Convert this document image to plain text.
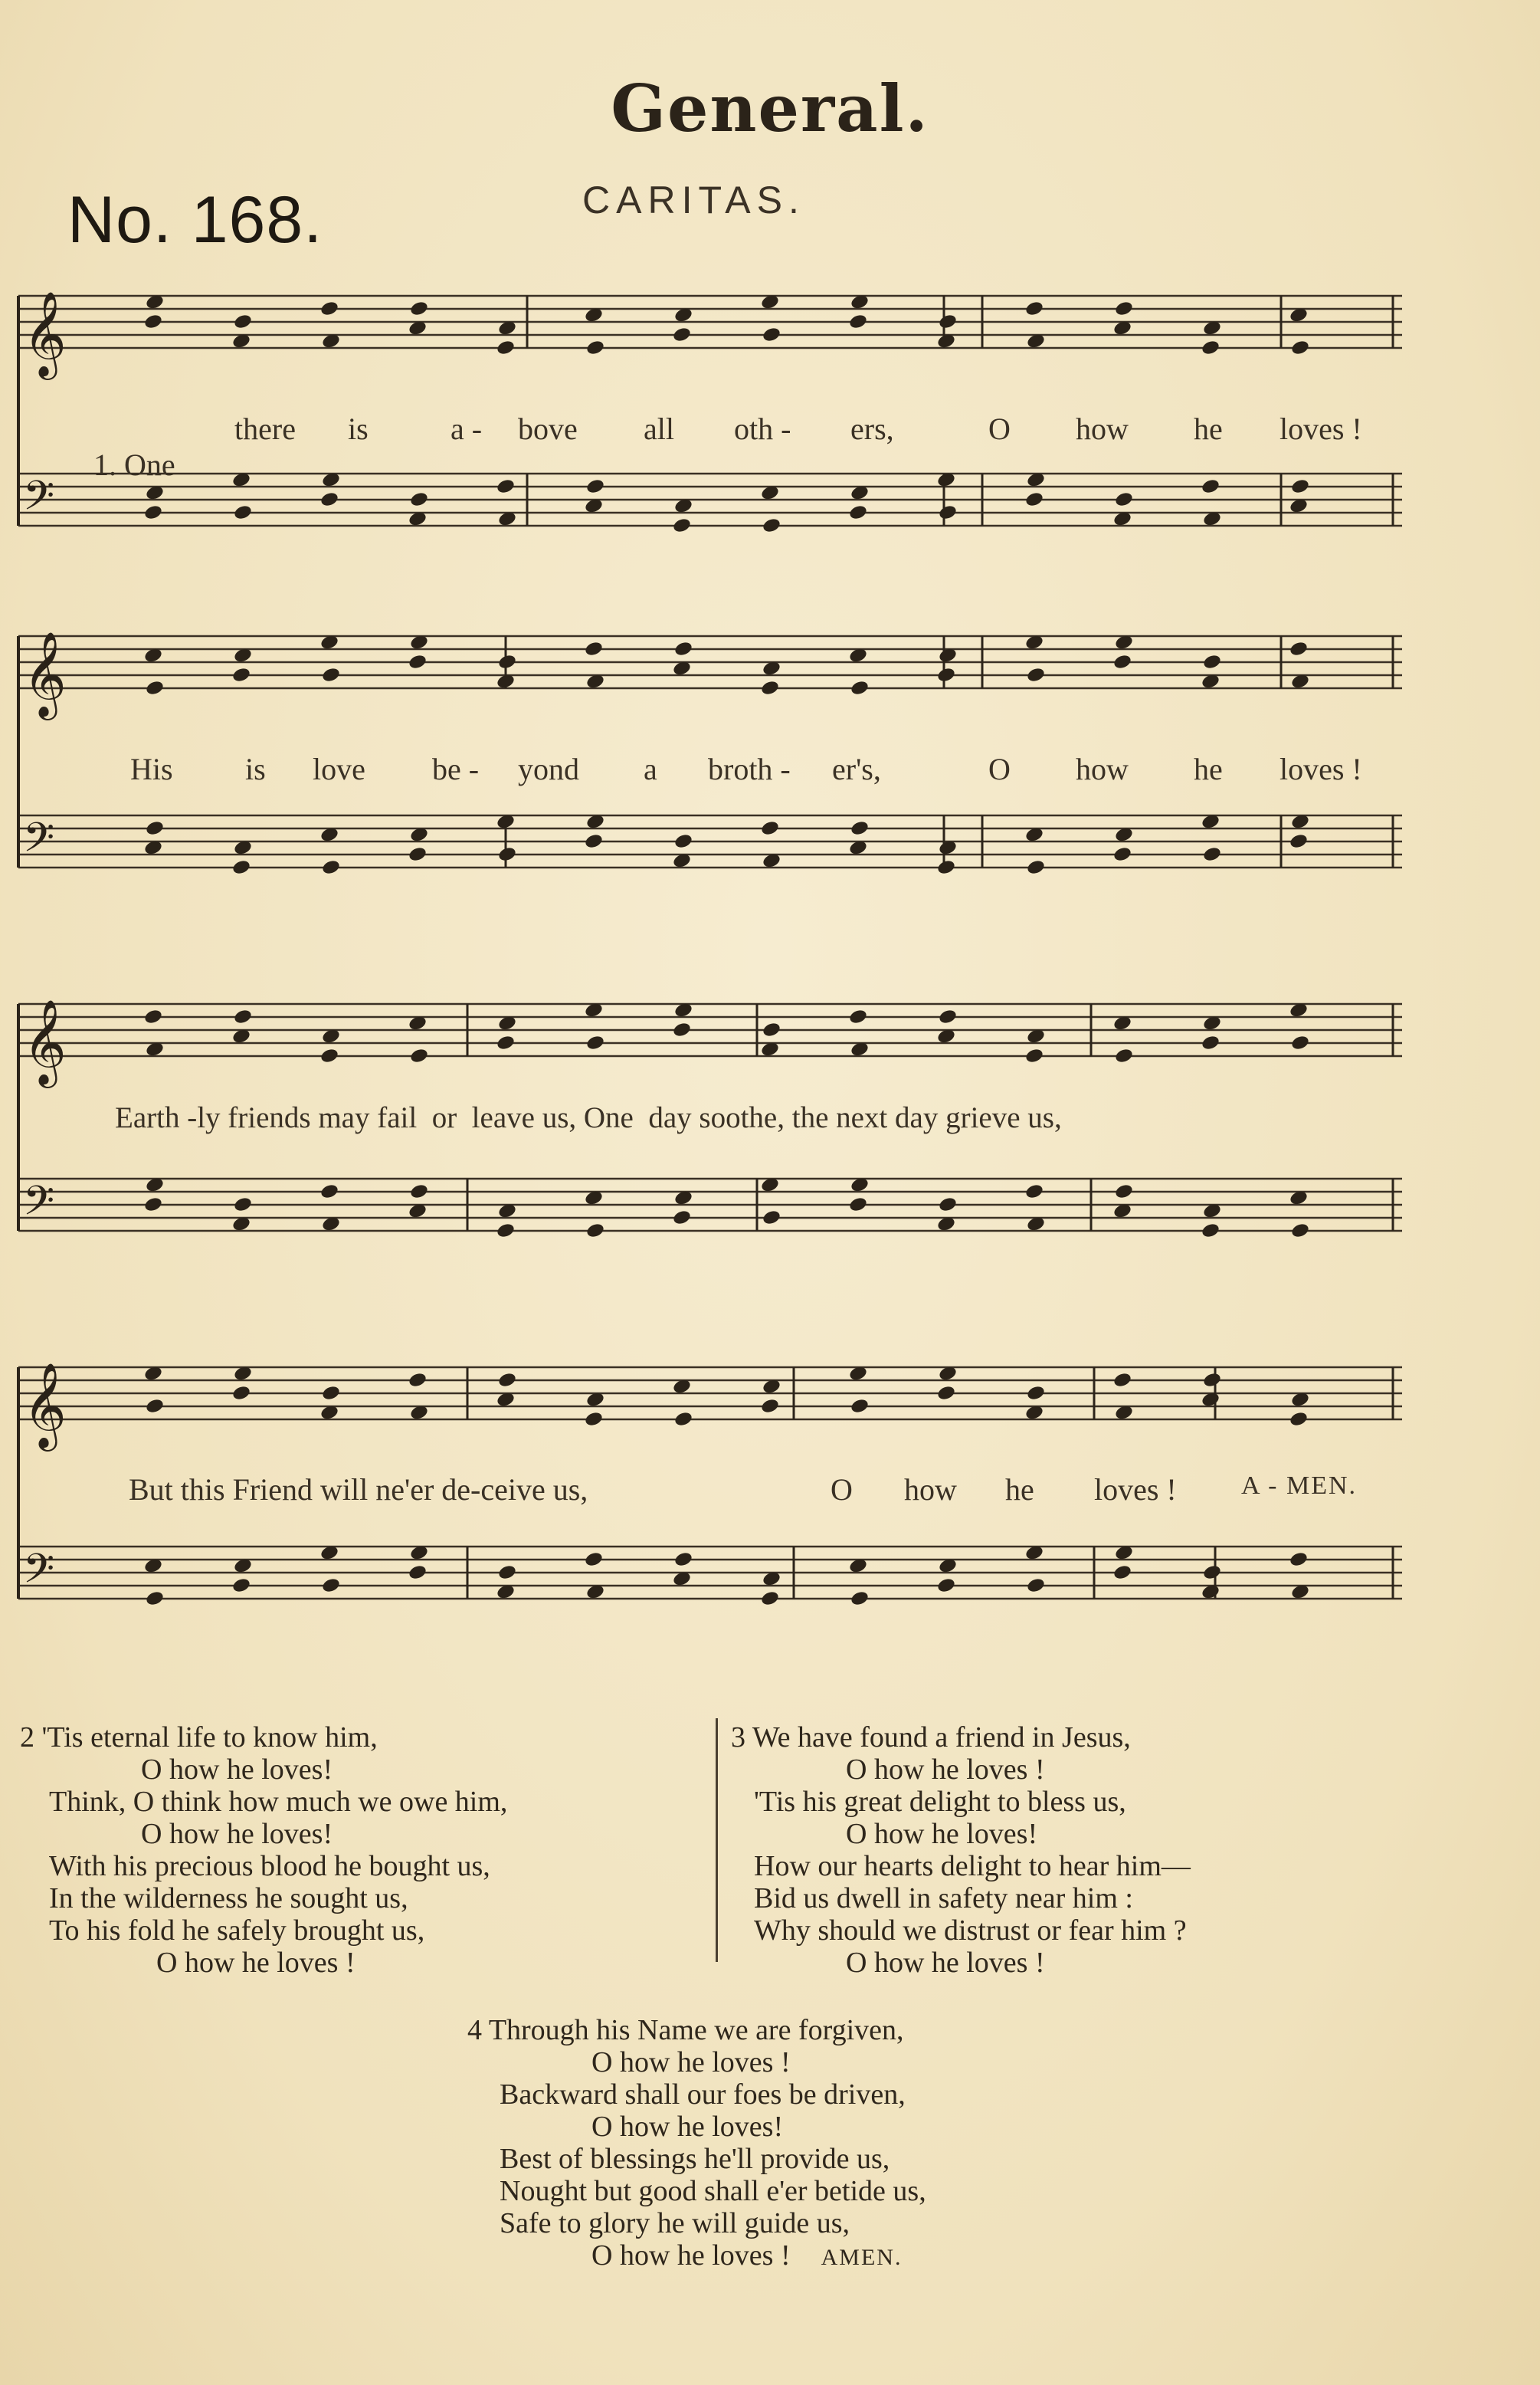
General.
No. 168.	CARITAS.
𝄞
𝄢
𝄞
𝄢
𝄞
𝄢
𝄞
𝄢

1. One

there is	a - bove all oth - ers,	O how he loves !
His is love be - yond a broth - er's,	O how he loves !
Earth -ly friends may fail  or  leave us, One  day soothe, the next day grieve us,
But this Friend will ne'er de-ceive us,	O how he loves ! A - MEN.
2 'Tis eternal life to know him,
O how he loves!
Think, O think how much we owe him,
O how he loves!
With his precious blood he bought us,
In the wilderness he sought us,
To his fold he safely brought us,
O how he loves !
3 We have found a friend in Jesus,
O how he loves !
'Tis his great delight to bless us,
O how he loves!
How our hearts delight to hear him—
Bid us dwell in safety near him :
Why should we distrust or fear him ?
O how he loves !
4 Through his Name we are forgiven,
O how he loves !
Backward shall our foes be driven,
O how he loves!
Best of blessings he'll provide us,
Nought but good shall e'er betide us,
Safe to glory he will guide us,
O how he loves ! AMEN.
